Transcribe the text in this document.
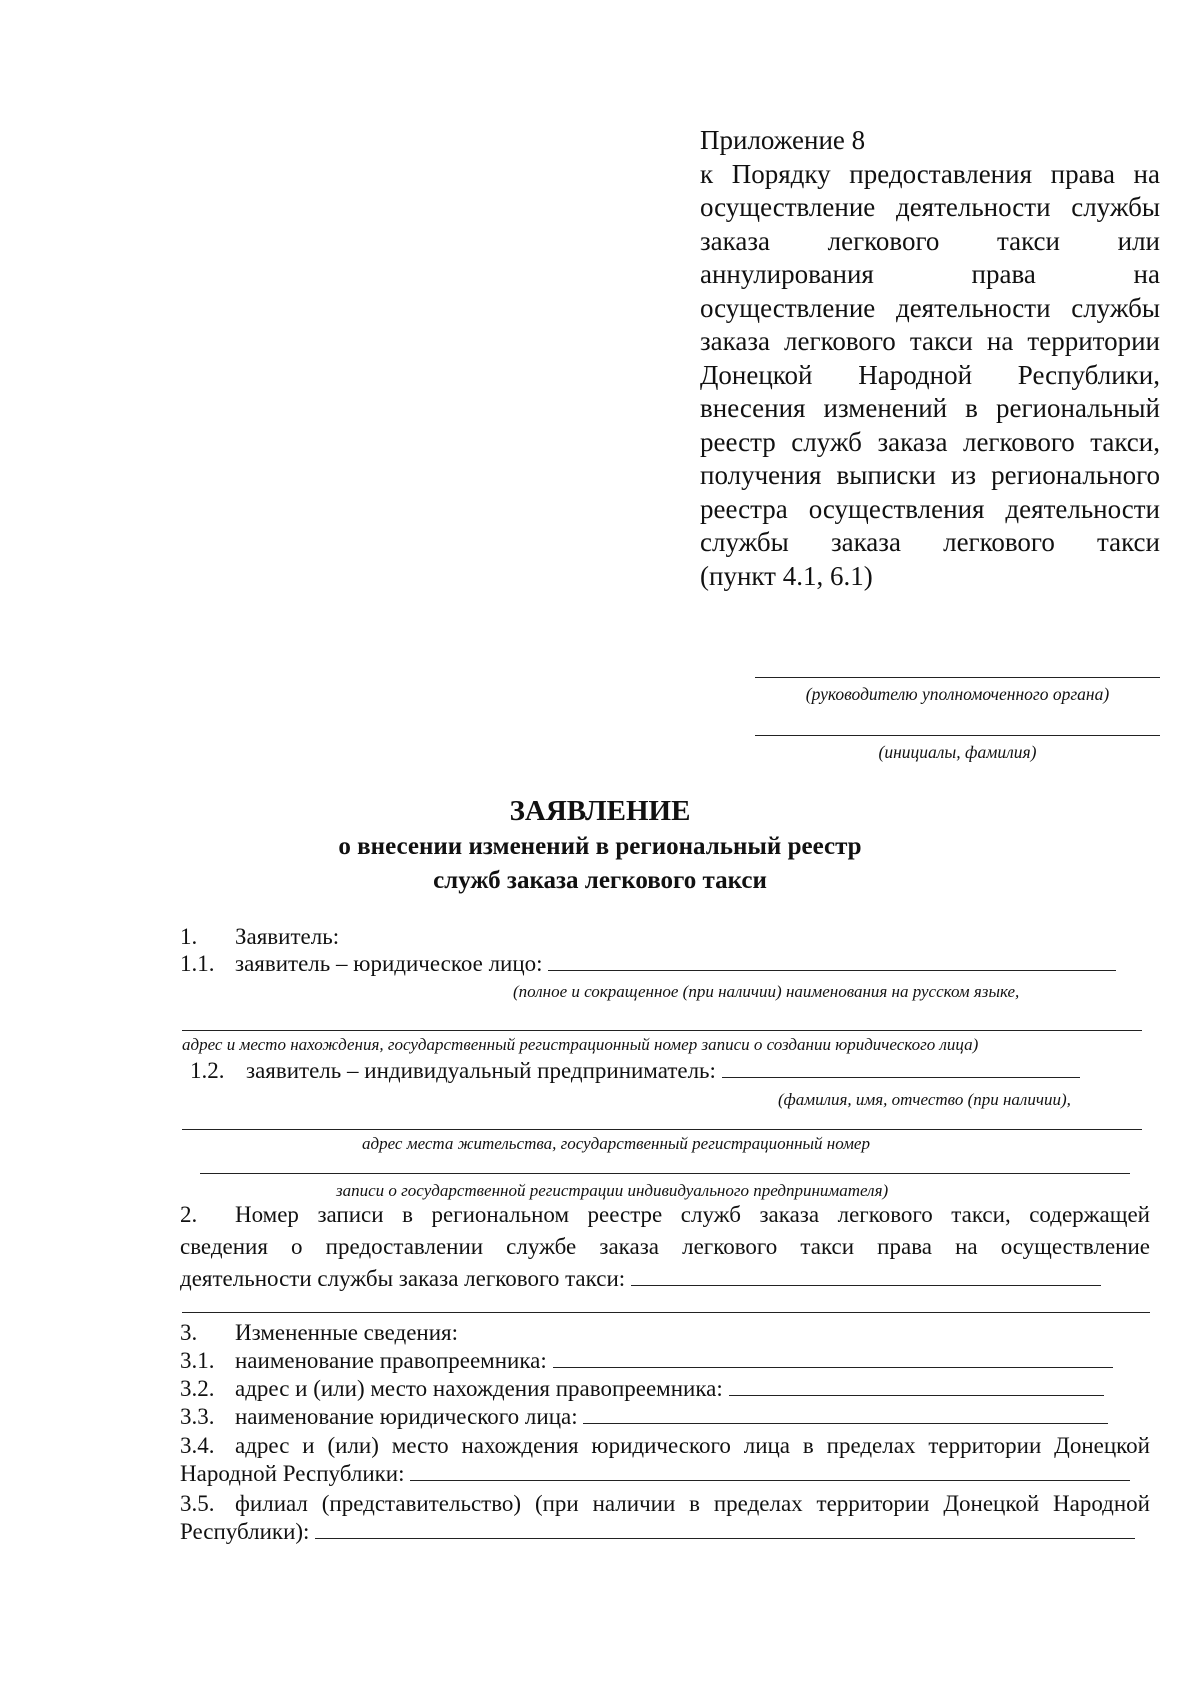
Приложение 8
к Порядку предоставления права на
осуществление деятельности службы
заказа легкового такси или
аннулирования права на
осуществление деятельности службы
заказа легкового такси на территории
Донецкой Народной Республики,
внесения изменений в региональный
реестр служб заказа легкового такси,
получения выписки из регионального
реестра осуществления деятельности
службы заказа легкового такси
(пункт 4.1, 6.1)
(руководителю уполномоченного органа)
(инициалы, фамилия)
ЗАЯВЛЕНИЕ
о внесении изменений в региональный реестр
служб заказа легкового такси
1. Заявитель:
1.1. заявитель – юридическое лицо:
(полное и сокращенное (при наличии) наименования на русском языке,
адрес и место нахождения, государственный регистрационный номер записи о создании юридического лица)
1.2. заявитель – индивидуальный предприниматель:
(фамилия, имя, отчество (при наличии),
адрес места жительства, государственный регистрационный номер
записи о государственной регистрации индивидуального предпринимателя)
2. Номер записи в региональном реестре служб заказа легкового такси, содержащей
сведения о предоставлении службе заказа легкового такси права на осуществление
деятельности службы заказа легкового такси:
3. Измененные сведения:
3.1. наименование правопреемника:
3.2. адрес и (или) место нахождения правопреемника:
3.3. наименование юридического лица:
3.4. адрес и (или) место нахождения юридического лица в пределах территории Донецкой
Народной Республики:
3.5. филиал (представительство) (при наличии в пределах территории Донецкой Народной
Республики):
